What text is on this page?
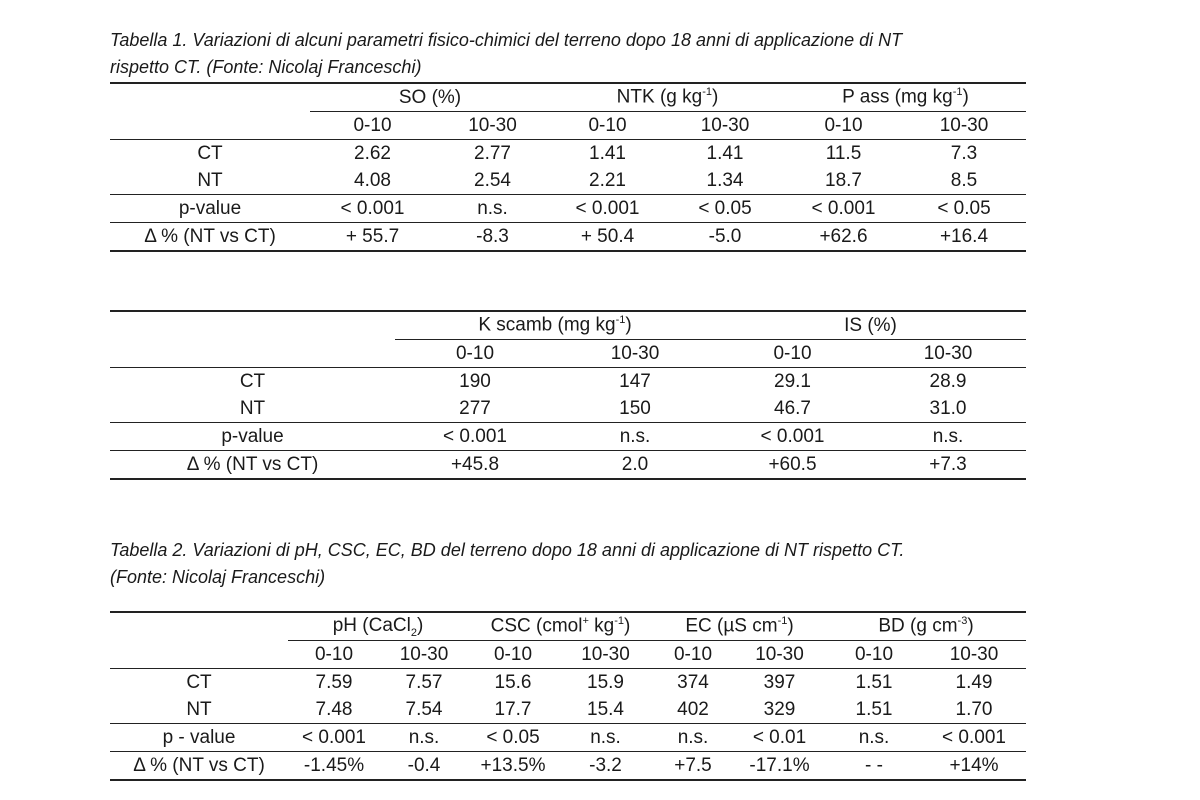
Tabella 1. Variazioni di alcuni parametri fisico-chimici del terreno dopo 18 anni di applicazione di NT
rispetto CT. (Fonte: Nicolaj Franceschi)
	SO (%)		NTK (g $kg^{-1}$)		P ass (mg $kg^{-1}$)	
	0-10	10-30	0-10	10-30	0-10	10-30
CT	2.62	2.77	1.41	1.41	11.5	7.3
NT	4.08	2.54	2.21	1.34	18.7	8.5
p-value	< 0.001	n.s.	< 0.001	< 0.05	< 0.001	< 0.05
Δ % (NT vs CT)	+ 55.7	-8.3	+ 50.4	-5.0	+62.6	+16.4
	K scamb (mg $kg^{-1}$)		IS (%)	
	0-10	10-30	0-10	10-30
CT	190	147	29.1	28.9
NT	277	150	46.7	31.0
p-value	< 0.001	n.s.	< 0.001	n.s.
Δ % (NT vs CT)	+45.8	2.0	+60.5	+7.3
Tabella 2. Variazioni di pH, CSC, EC, BD del terreno dopo 18 anni di applicazione di NT rispetto CT.
(Fonte: Nicolaj Franceschi)
	pH (CaCl$_2$)		CSC (cmol+ $kg^{-1}$)		EC (µS $cm^{-1}$)		BD (g $cm^{-3}$)	
	0-10	10-30	0-10	10-30	0-10	10-30	0-10	10-30
CT	7.59	7.57	15.6	15.9	374	397	1.51	1.49
NT	7.48	7.54	17.7	15.4	402	329	1.51	1.70
p - value	< 0.001	n.s.	< 0.05	n.s.	n.s.	< 0.01	n.s.	< 0.001
Δ % (NT vs CT)	-1.45%	-0.4	+13.5%	-3.2	+7.5	-17.1%	- -	+14%
